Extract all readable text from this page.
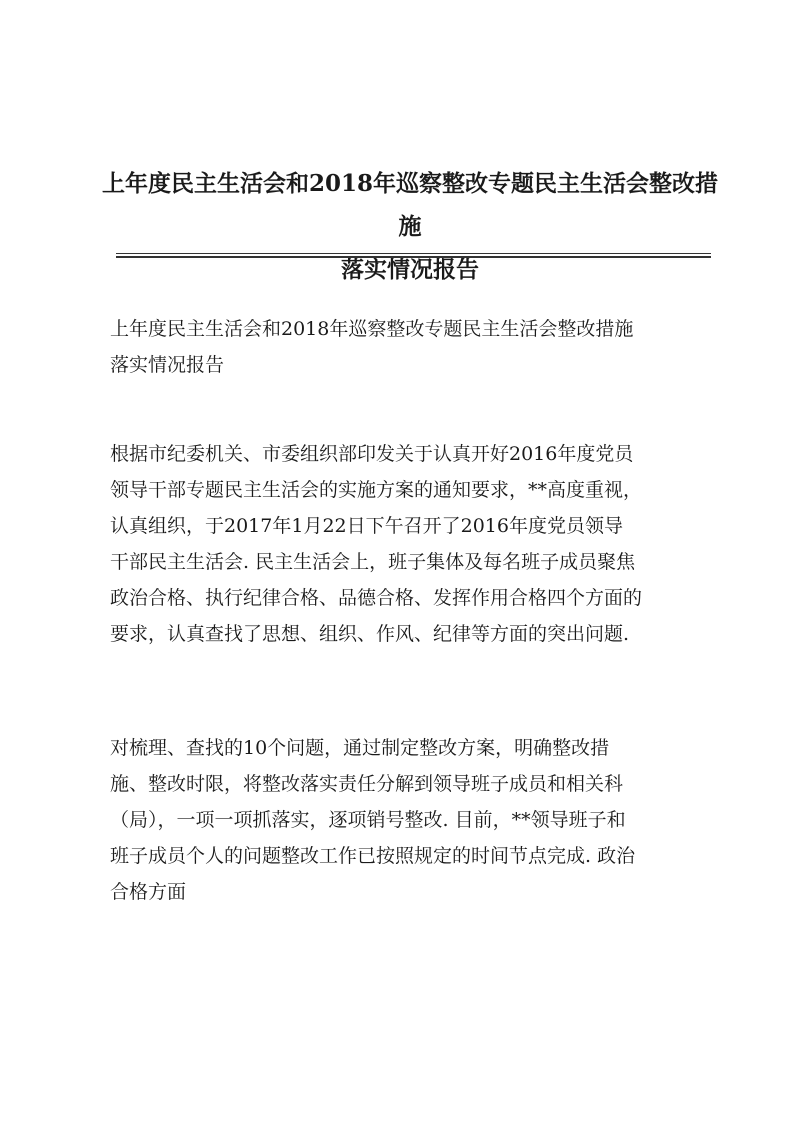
上年度民主生活会和2018年巡察整改专题民主生活会整改措施
落实情况报告

上年度民主生活会和2018年巡察整改专题民主生活会整改措施
落实情况报告

根据市纪委机关、市委组织部印发关于认真开好2016年度党员
领导干部专题民主生活会的实施方案的通知要求，**高度重视，
认真组织，于2017年1月22日下午召开了2016年度党员领导
干部民主生活会. 民主生活会上，班子集体及每名班子成员聚焦
政治合格、执行纪律合格、品德合格、发挥作用合格四个方面的
要求，认真查找了思想、组织、作风、纪律等方面的突出问题.

对梳理、查找的10个问题，通过制定整改方案，明确整改措
施、整改时限，将整改落实责任分解到领导班子成员和相关科
（局），一项一项抓落实，逐项销号整改. 目前，**领导班子和
班子成员个人的问题整改工作已按照规定的时间节点完成. 政治
合格方面
